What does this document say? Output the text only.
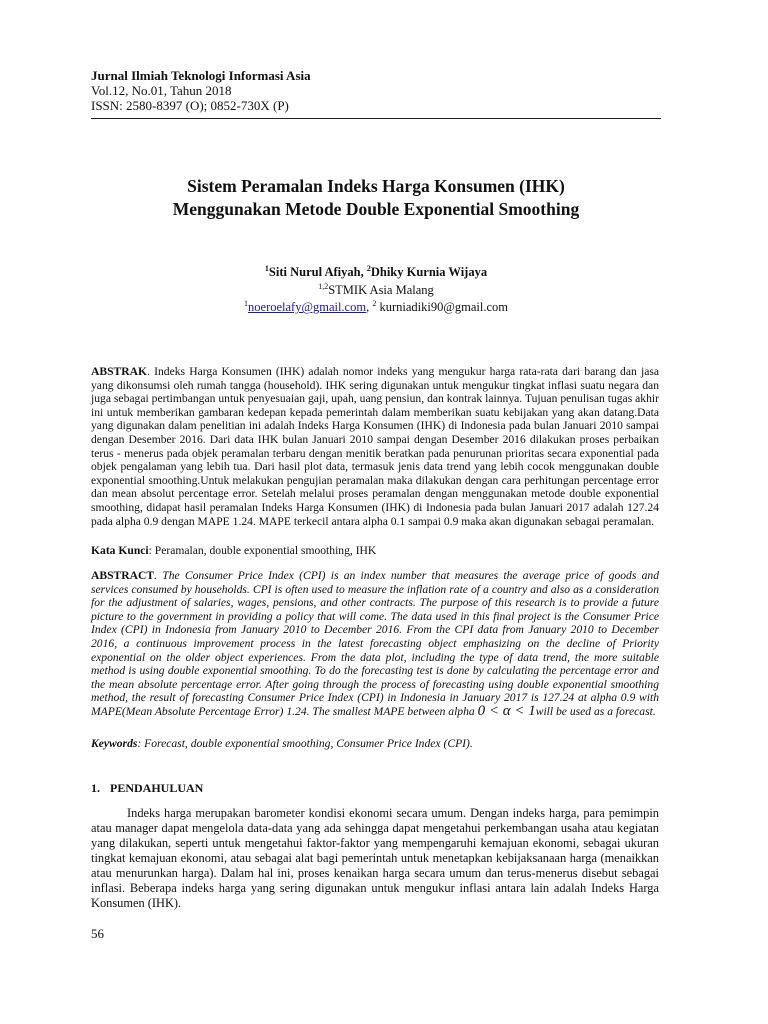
Jurnal Ilmiah Teknologi Informasi Asia
Vol.12, No.01, Tahun 2018
ISSN: 2580-8397 (O); 0852-730X (P)
Sistem Peramalan Indeks Harga Konsumen (IHK)
Menggunakan Metode Double Exponential Smoothing
$^1$Siti Nurul Afiyah, $^2$Dhiky Kurnia Wijaya
$^{1,2}$STMIK Asia Malang
$^1$noeroelafy@gmail.com, $^2$ kurniadiki90@gmail.com
ABSTRAK. Indeks Harga Konsumen (IHK) adalah nomor indeks yang mengukur harga rata-rata dari barang dan jasa yang dikonsumsi oleh rumah tangga (household). IHK sering digunakan untuk mengukur tingkat inflasi suatu negara dan juga sebagai pertimbangan untuk penyesuaian gaji, upah, uang pensiun, dan kontrak lainnya. Tujuan penulisan tugas akhir ini untuk memberikan gambaran kedepan kepada pemerintah dalam memberikan suatu kebijakan yang akan datang.Data yang digunakan dalam penelitian ini adalah Indeks Harga Konsumen (IHK) di Indonesia pada bulan Januari 2010 sampai dengan Desember 2016. Dari data IHK bulan Januari 2010 sampai dengan Desember 2016 dilakukan proses perbaikan terus - menerus pada objek peramalan terbaru dengan menitik beratkan pada penurunan prioritas secara exponential pada objek pengalaman yang lebih tua. Dari hasil plot data, termasuk jenis data trend yang lebih cocok menggunakan double exponential smoothing.Untuk melakukan pengujian peramalan maka dilakukan dengan cara perhitungan percentage error dan mean absolut percentage error. Setelah melalui proses peramalan dengan menggunakan metode double exponential smoothing, didapat hasil peramalan Indeks Harga Konsumen (IHK) di Indonesia pada bulan Januari 2017 adalah 127.24 pada alpha 0.9 dengan MAPE 1.24. MAPE terkecil antara alpha 0.1 sampai 0.9 maka akan digunakan sebagai peramalan.
Kata Kunci: Peramalan, double exponential smoothing, IHK
ABSTRACT. The Consumer Price Index (CPI) is an index number that measures the average price of goods and services consumed by households. CPI is often used to measure the inflation rate of a country and also as a consideration for the adjustment of salaries, wages, pensions, and other contracts. The purpose of this research is to provide a future picture to the government in providing a policy that will come. The data used in this final project is the Consumer Price Index (CPI) in Indonesia from January 2010 to December 2016. From the CPI data from January 2010 to December 2016, a continuous improvement process in the latest forecasting object emphasizing on the decline of Priority exponential on the older object experiences. From the data plot, including the type of data trend, the more suitable method is using double exponential smoothing. To do the forecasting test is done by calculating the percentage error and the mean absolute percentage error. After going through the process of forecasting using double exponential smoothing method, the result of forecasting Consumer Price Index (CPI) in Indonesia in January 2017 is 127.24 at alpha 0.9 with MAPE(Mean Absolute Percentage Error) 1.24. The smallest MAPE between alpha 0 < α < 1will be used as a forecast.
Keywords: Forecast, double exponential smoothing, Consumer Price Index (CPI).
1. PENDAHULUAN
Indeks harga merupakan barometer kondisi ekonomi secara umum. Dengan indeks harga, para pemimpin atau manager dapat mengelola data-data yang ada sehingga dapat mengetahui perkembangan usaha atau kegiatan yang dilakukan, seperti untuk mengetahui faktor-faktor yang mempengaruhi kemajuan ekonomi, sebagai ukuran tingkat kemajuan ekonomi, atau sebagai alat bagi pemerintah untuk menetapkan kebijaksanaan harga (menaikkan atau menurunkan harga). Dalam hal ini, proses kenaikan harga secara umum dan terus-menerus disebut sebagai inflasi. Beberapa indeks harga yang sering digunakan untuk mengukur inflasi antara lain adalah Indeks Harga Konsumen (IHK).
56
